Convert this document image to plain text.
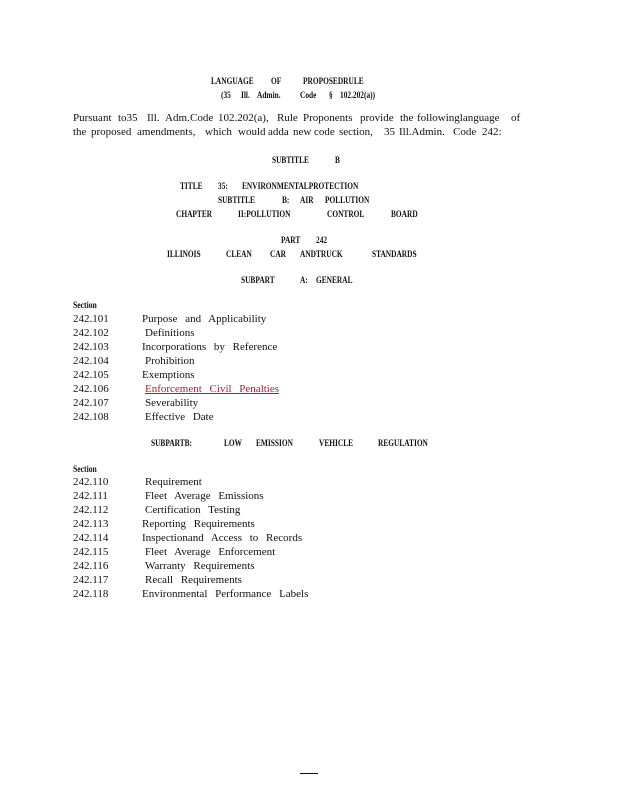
LANGUAGE OF PROPOSEDRULE
(35 Ill. Admin. Code § 102.202(a))
Pursuant to35 Ill. Adm. Code 102.202(a), Rule Proponents provide the followinglanguage of
the proposed amendments, which would adda new code section, 35 Ill.Admin. Code 242:
SUBTITLE	B
TITLE 35: ENVIRONMENTALPROTECTION
SUBTITLE	B: AIR POLLUTION
CHAPTER	II:POLLUTION	CONTROL	BOARD
PART 242
ILLINOIS	CLEAN CAR ANDTRUCK	STANDARDS
SUBPART	A: GENERAL
Section
242.101	Purpose and Applicability
242.102	Definitions
242.103	Incorporations by Reference
242.104	Prohibition
242.105	Exemptions
242.106	Enforcement Civil Penalties
242.107	Severability
242.108	Effective Date
SUBPARTB:	LOW EMISSION	VEHICLE	REGULATION
Section
242.110	Requirement
242.111	Fleet Average Emissions
242.112	Certification Testing
242.113	Reporting Requirements
242.114	Inspectionand Access to Records
242.115	Fleet Average Enforcement
242.116	Warranty Requirements
242.117	Recall Requirements
242.118	Environmental Performance Labels
